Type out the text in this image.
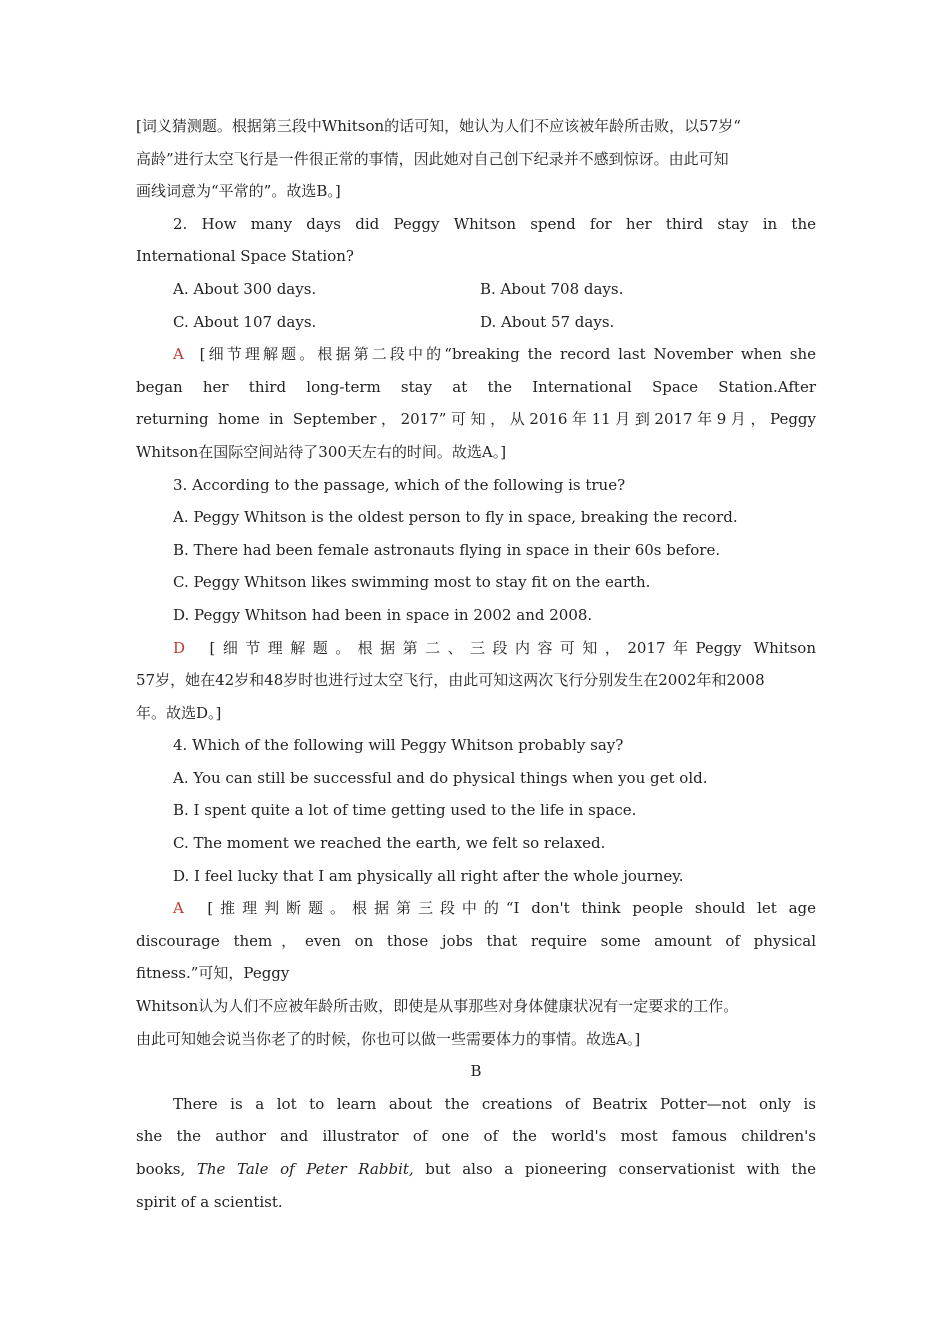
[词义猜测题。根据第三段中Whitson的话可知，她认为人们不应该被年龄所击败，以57岁“
高龄”进行太空飞行是一件很正常的事情，因此她对自己创下纪录并不感到惊讶。由此可知
画线词意为“平常的”。故选B。]
2. How many days did Peggy Whitson spend for her third stay in the
International Space Station?
A. About 300 days.	B. About 708 days.
C. About 107 days.	D. About 57 days.
A [细节理解题。根据第二段中的“breaking the record last November when she
began her third long-term stay at the International Space Station.After
returning home in September，2017”可知，从2016年11月到2017年9月，Peggy
Whitson在国际空间站待了300天左右的时间。故选A。]
3. According to the passage, which of the following is true?
A. Peggy Whitson is the oldest person to fly in space, breaking the record.
B. There had been female astronauts flying in space in their 60s before.
C. Peggy Whitson likes swimming most to stay fit on the earth.
D. Peggy Whitson had been in space in 2002 and 2008.
D [细节理解题。根据第二、三段内容可知，2017年Peggy Whitson
57岁，她在42岁和48岁时也进行过太空飞行，由此可知这两次飞行分别发生在2002年和2008
年。故选D。]
4. Which of the following will Peggy Whitson probably say?
A. You can still be successful and do physical things when you get old.
B. I spent quite a lot of time getting used to the life in space.
C. The moment we reached the earth, we felt so relaxed.
D. I feel lucky that I am physically all right after the whole journey.
A [推理判断题。根据第三段中的“I don't think people should let age
discourage them，even on those jobs that require some amount of physical
fitness.”可知，Peggy
Whitson认为人们不应被年龄所击败，即使是从事那些对身体健康状况有一定要求的工作。
由此可知她会说当你老了的时候，你也可以做一些需要体力的事情。故选A。]
B
There is a lot to learn about the creations of Beatrix Potter—not only is
she the author and illustrator of one of the world's most famous children's
books, The Tale of Peter Rabbit, but also a pioneering conservationist with the
spirit of a scientist.
